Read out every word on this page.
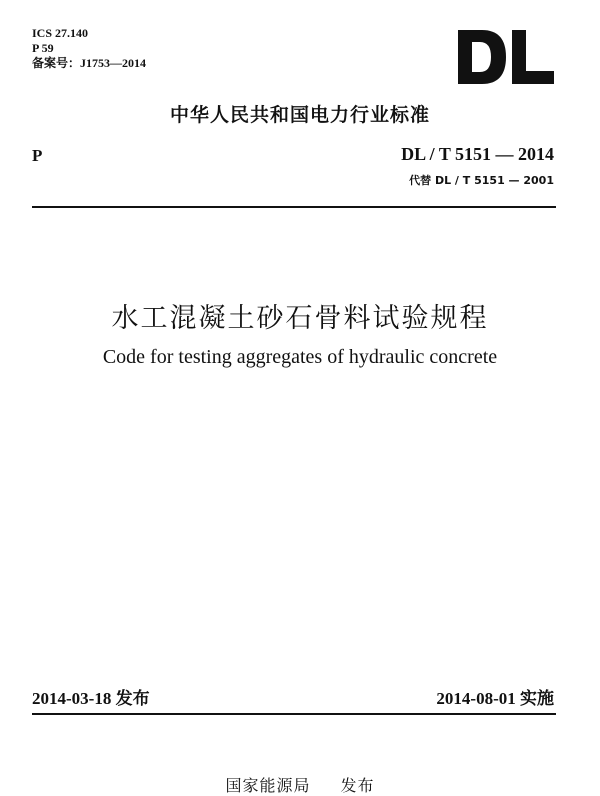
ICS 27.140
P 59
备案号：J1753—2014
中华人民共和国电力行业标准
P	DL / T 5151 — 2014
代替 DL / T 5151 — 2001
水工混凝土砂石骨料试验规程
Code for testing aggregates of hydraulic concrete
2014-03-18 发布	2014-08-01 实施
国家能源局 发布
